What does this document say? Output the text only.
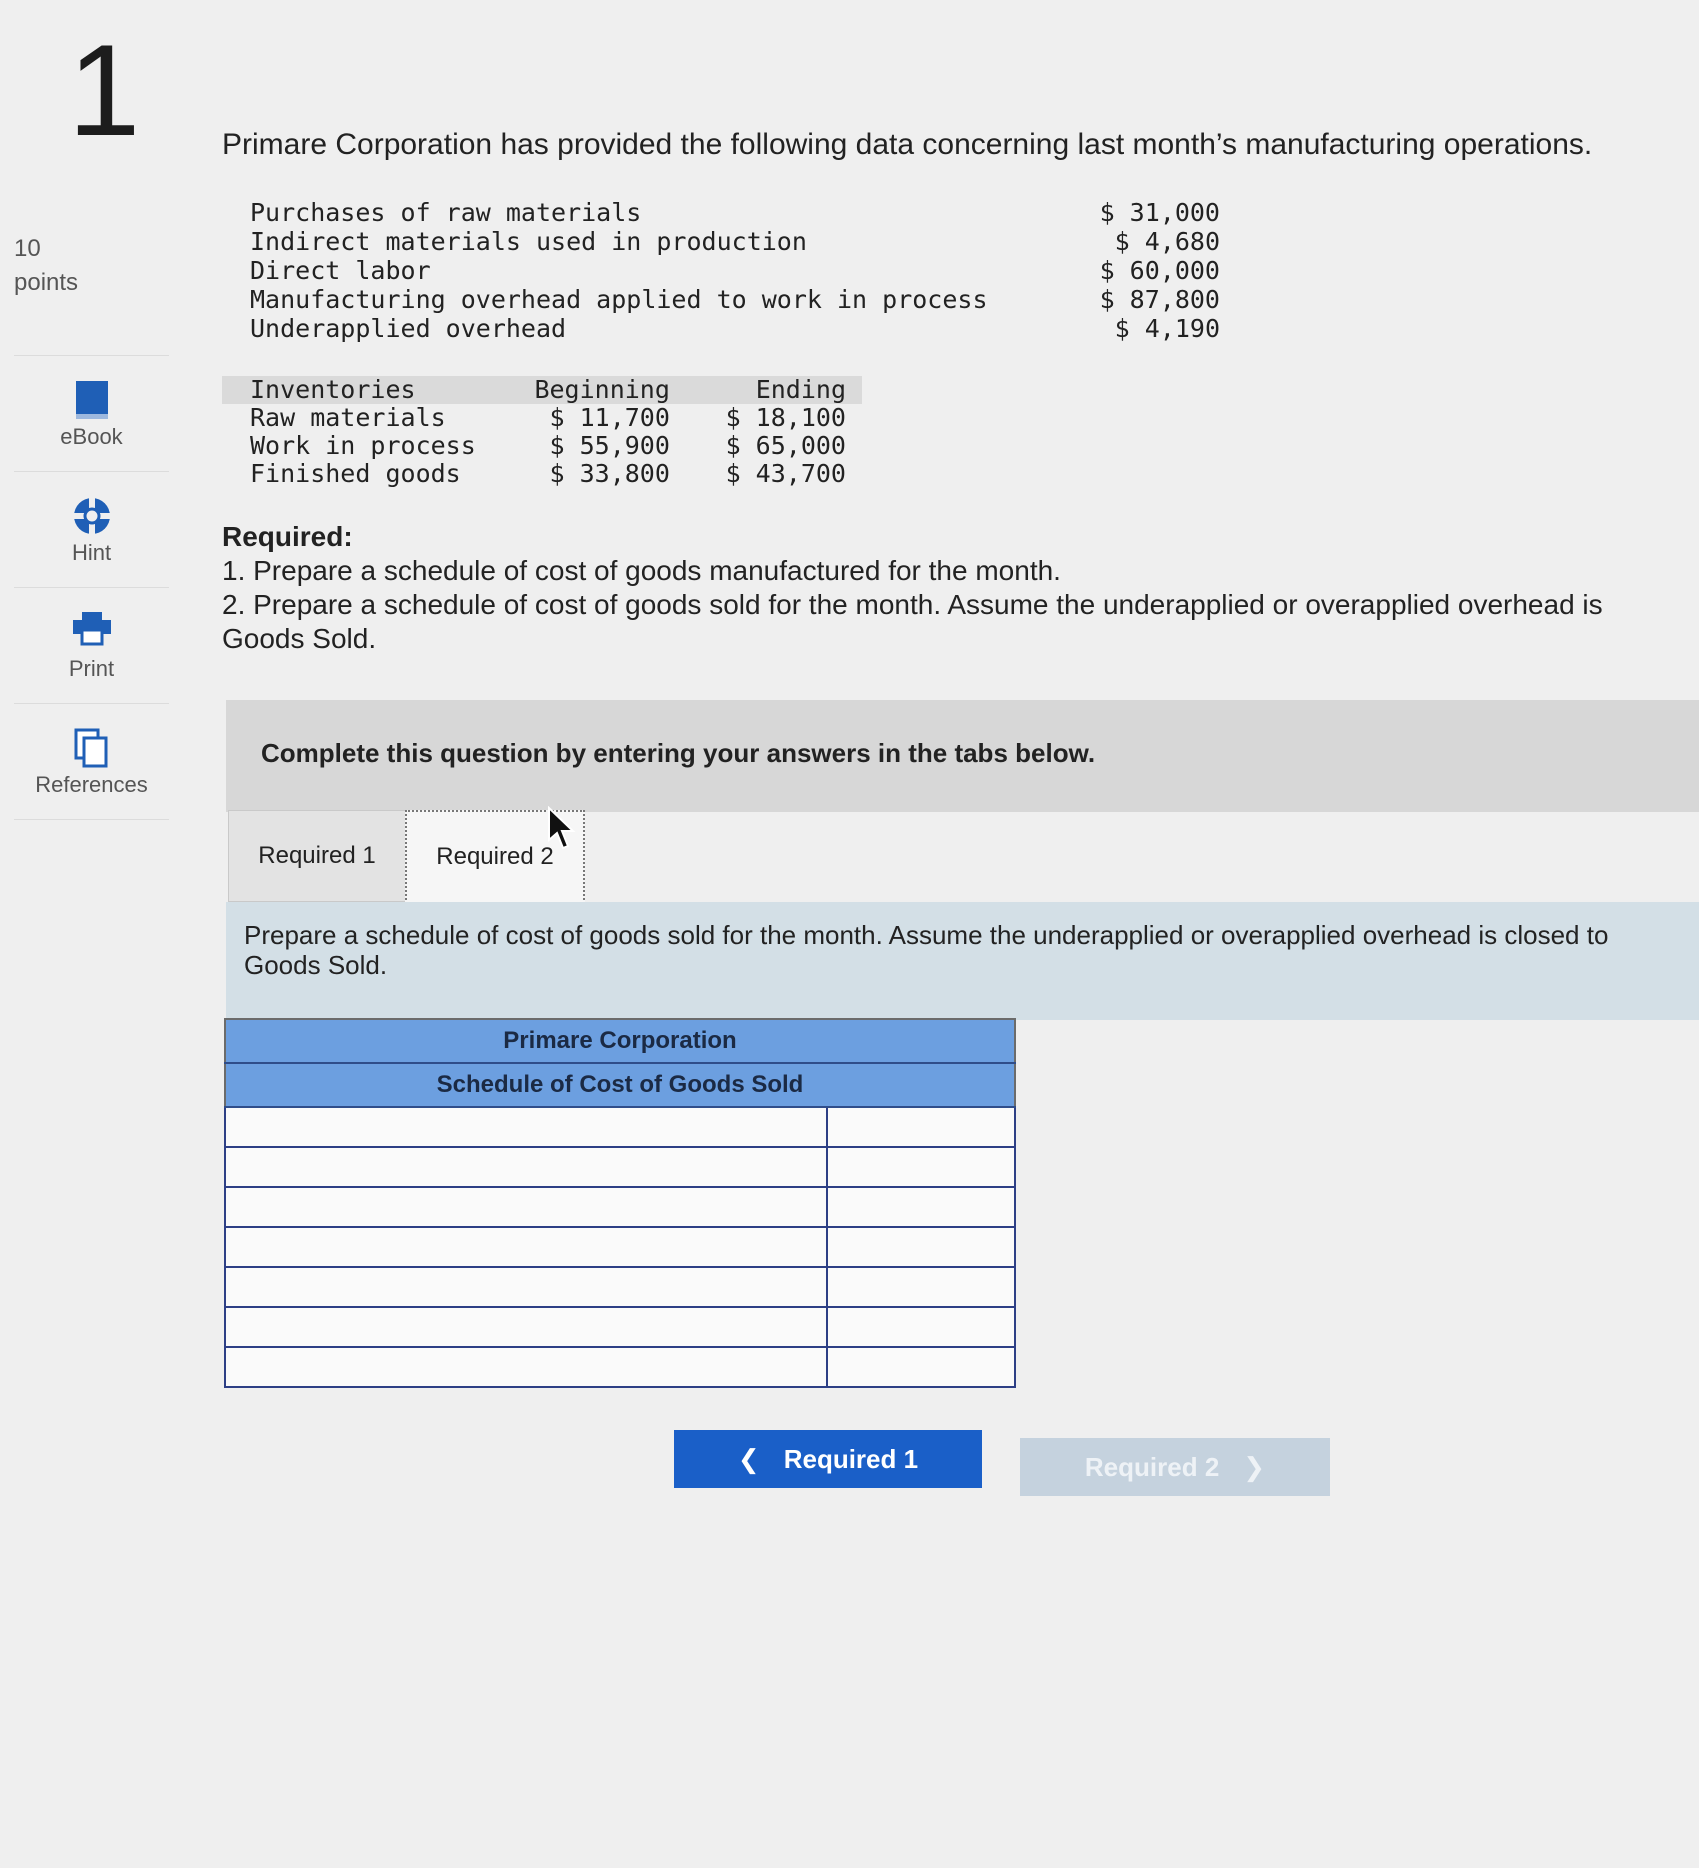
1
10
points
eBook
Hint
Print
References
Primare Corporation has provided the following data concerning last month’s manufacturing operations.
Purchases of raw materials	$ 31,000
Indirect materials used in production	$ 4,680
Direct labor	$ 60,000
Manufacturing overhead applied to work in process	$ 87,800
Underapplied overhead	$ 4,190
Inventories	Beginning	Ending
Raw materials	$ 11,700	$ 18,100
Work in process	$ 55,900	$ 65,000
Finished goods	$ 33,800	$ 43,700
Required:
1. Prepare a schedule of cost of goods manufactured for the month.
2. Prepare a schedule of cost of goods sold for the month. Assume the underapplied or overapplied overhead is
Goods Sold.
Complete this question by entering your answers in the tabs below.
Required 1	Required 2
Prepare a schedule of cost of goods sold for the month. Assume the underapplied or overapplied overhead is closed to
Goods Sold.
Primare Corporation	
Schedule of Cost of Goods Sold	

❮ Required 1	Required 2 ❯
